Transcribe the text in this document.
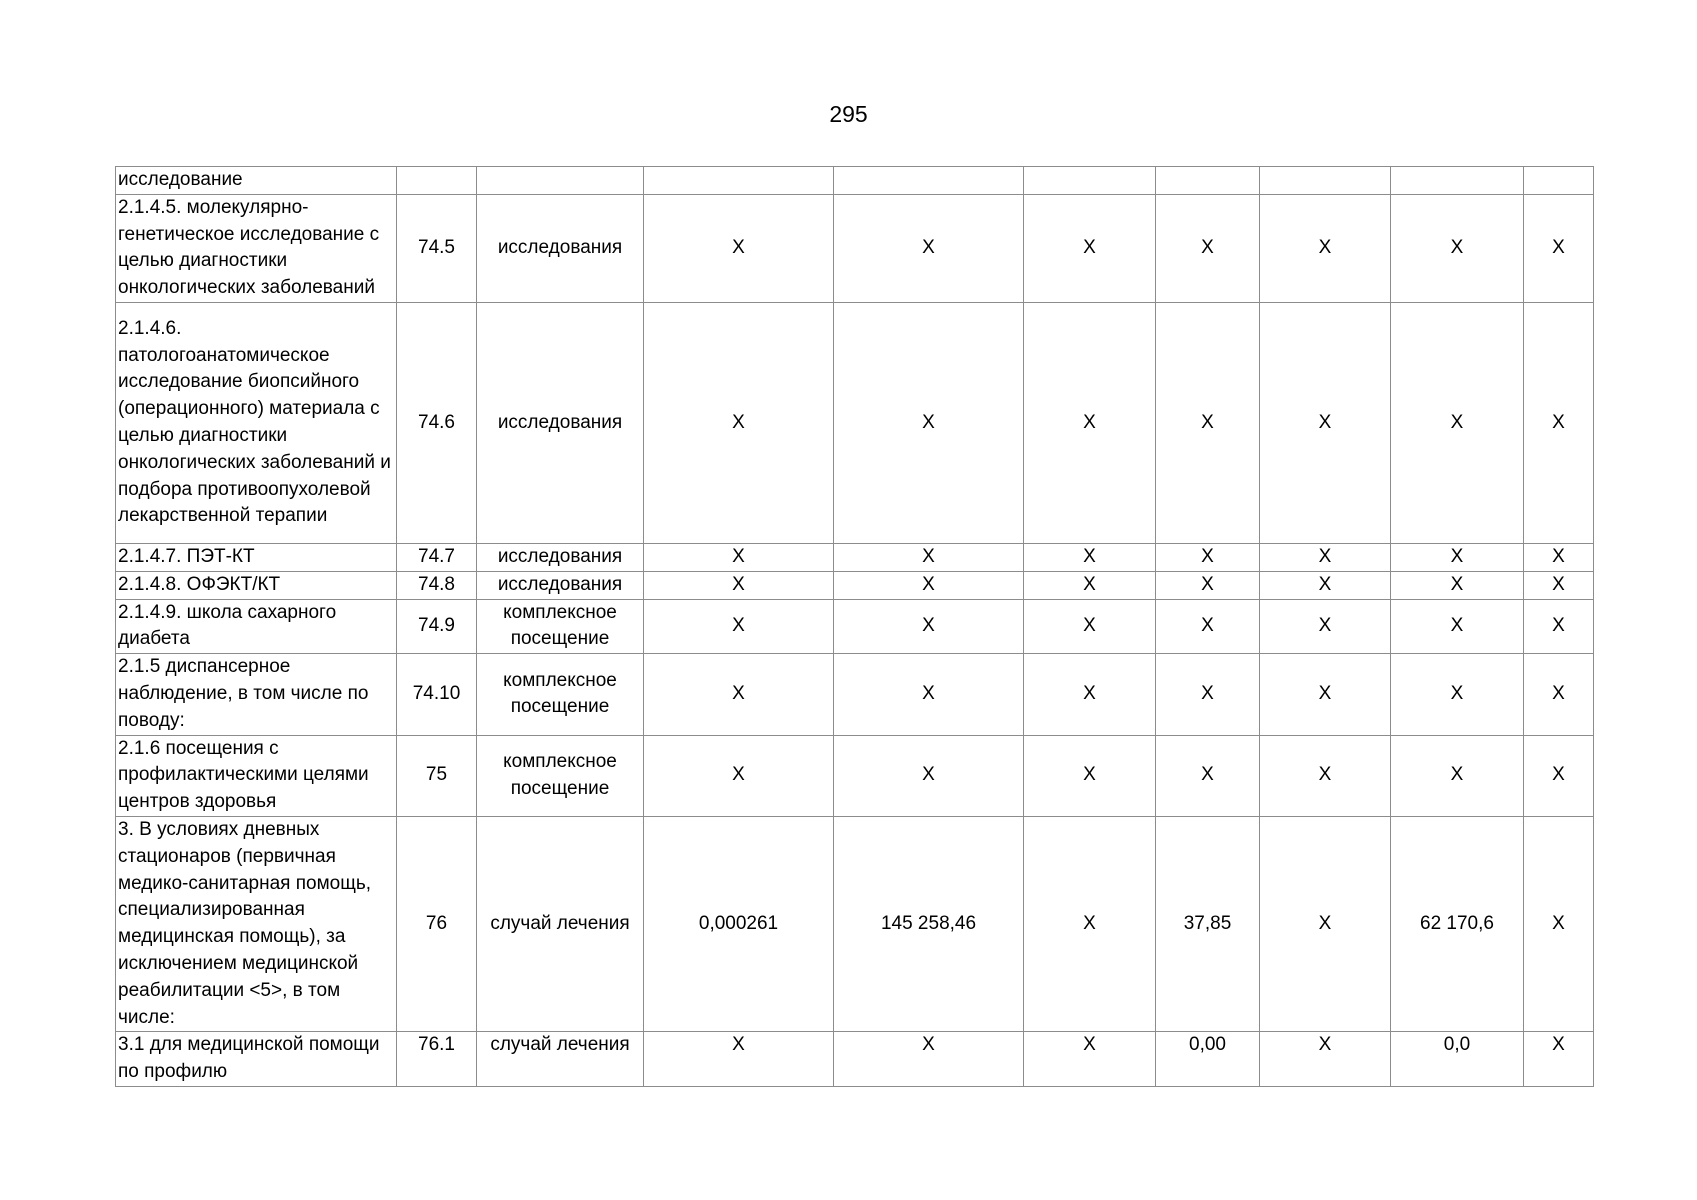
295
исследование									
2.1.4.5. молекулярно-генетическое исследование с целью диагностики онкологических заболеваний	74.5	исследования	X	X	X	X	X	X	X
2.1.4.6. патологоанатомическое исследование биопсийного (операционного) материала с целью диагностики онкологических заболеваний и подбора противоопухолевой лекарственной терапии	74.6	исследования	X	X	X	X	X	X	X
2.1.4.7. ПЭТ-КТ	74.7	исследования	X	X	X	X	X	X	X
2.1.4.8. ОФЭКТ/КТ	74.8	исследования	X	X	X	X	X	X	X
2.1.4.9. школа сахарного диабета	74.9	комплексное посещение	X	X	X	X	X	X	X
2.1.5 диспансерное наблюдение, в том числе по поводу:	74.10	комплексное посещение	X	X	X	X	X	X	X
2.1.6 посещения с профилактическими целями центров здоровья	75	комплексное посещение	X	X	X	X	X	X	X
3. В условиях дневных стационаров (первичная медико-санитарная помощь, специализированная медицинская помощь), за исключением медицинской реабилитации <5>, в том числе:	76	случай лечения	0,000261	145 258,46	X	37,85	X	62 170,6	X
3.1 для медицинской помощи по профилю	76.1	случай лечения	X	X	X	0,00	X	0,0	X
